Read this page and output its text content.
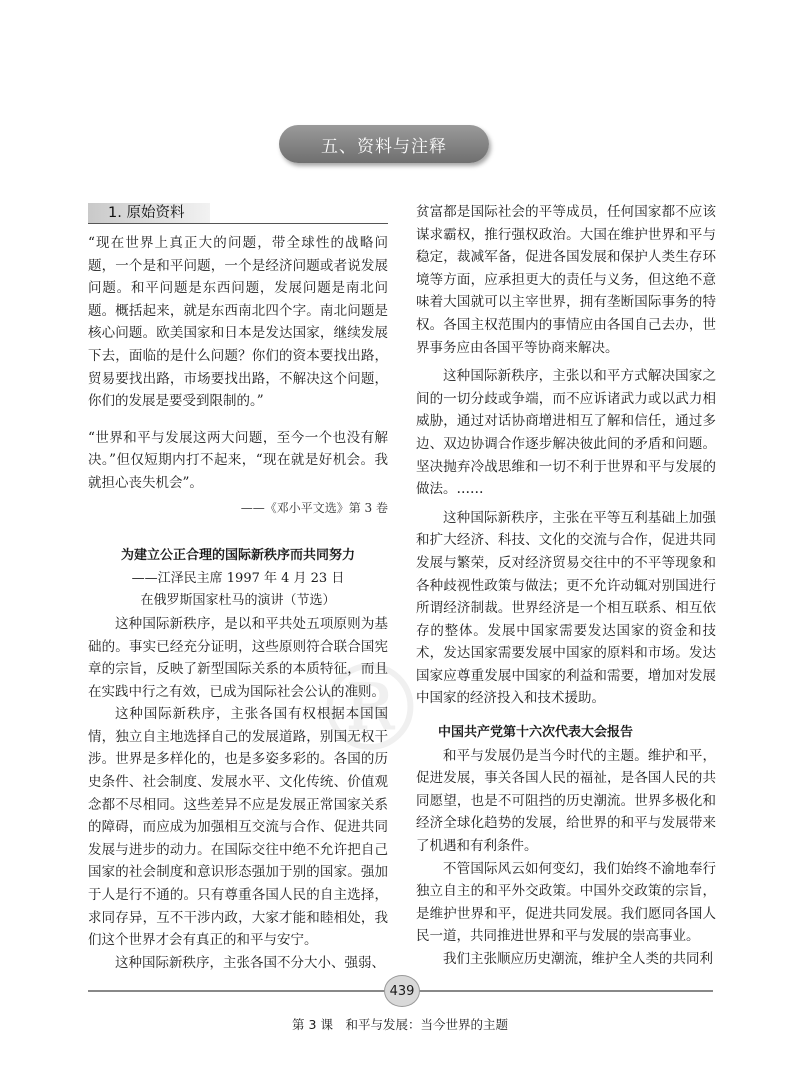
五、资料与注释
1. 原始资料

“现在世界上真正大的问题，带全球性的战略问题，一个是和平问题，一个是经济问题或者说发展问题。和平问题是东西问题，发展问题是南北问题。概括起来，就是东西南北四个字。南北问题是核心问题。欧美国家和日本是发达国家，继续发展下去，面临的是什么问题？你们的资本要找出路，贸易要找出路，市场要找出路，不解决这个问题，你们的发展是要受到限制的。”

“世界和平与发展这两大问题，至今一个也没有解决。”但仅短期内打不起来，“现在就是好机会。我就担心丧失机会”。

——《邓小平文选》第 3 卷
为建立公正合理的国际新秩序而共同努力
——江泽民主席 1997 年 4 月 23 日
在俄罗斯国家杜马的演讲（节选）

这种国际新秩序，是以和平共处五项原则为基础的。事实已经充分证明，这些原则符合联合国宪章的宗旨，反映了新型国际关系的本质特征，而且在实践中行之有效，已成为国际社会公认的准则。

这种国际新秩序，主张各国有权根据本国国情，独立自主地选择自己的发展道路，别国无权干涉。世界是多样化的，也是多姿多彩的。各国的历史条件、社会制度、发展水平、文化传统、价值观念都不尽相同。这些差异不应是发展正常国家关系的障碍，而应成为加强相互交流与合作、促进共同发展与进步的动力。在国际交往中绝不允许把自己国家的社会制度和意识形态强加于别的国家。强加于人是行不通的。只有尊重各国人民的自主选择，求同存异，互不干涉内政，大家才能和睦相处，我们这个世界才会有真正的和平与安宁。

这种国际新秩序，主张各国不分大小、强弱、

贫富都是国际社会的平等成员，任何国家都不应该谋求霸权，推行强权政治。大国在维护世界和平与稳定，裁减军备，促进各国发展和保护人类生存环境等方面，应承担更大的责任与义务，但这绝不意味着大国就可以主宰世界，拥有垄断国际事务的特权。各国主权范围内的事情应由各国自己去办，世界事务应由各国平等协商来解决。

这种国际新秩序，主张以和平方式解决国家之间的一切分歧或争端，而不应诉诸武力或以武力相威胁，通过对话协商增进相互了解和信任，通过多边、双边协调合作逐步解决彼此间的矛盾和问题。坚决抛弃冷战思维和一切不利于世界和平与发展的做法。……

这种国际新秩序，主张在平等互利基础上加强和扩大经济、科技、文化的交流与合作，促进共同发展与繁荣，反对经济贸易交往中的不平等现象和各种歧视性政策与做法；更不允许动辄对别国进行所谓经济制裁。世界经济是一个相互联系、相互依存的整体。发展中国家需要发达国家的资金和技术，发达国家需要发展中国家的原料和市场。发达国家应尊重发展中国家的利益和需要，增加对发展中国家的经济投入和技术援助。

中国共产党第十六次代表大会报告

和平与发展仍是当今时代的主题。维护和平，促进发展，事关各国人民的福祉，是各国人民的共同愿望，也是不可阻挡的历史潮流。世界多极化和经济全球化趋势的发展，给世界的和平与发展带来了机遇和有利条件。

不管国际风云如何变幻，我们始终不渝地奉行独立自主的和平外交政策。中国外交政策的宗旨，是维护世界和平，促进共同发展。我们愿同各国人民一道，共同推进世界和平与发展的崇高事业。

我们主张顺应历史潮流，维护全人类的共同利

®
439
第 3 课　和平与发展：当今世界的主题
